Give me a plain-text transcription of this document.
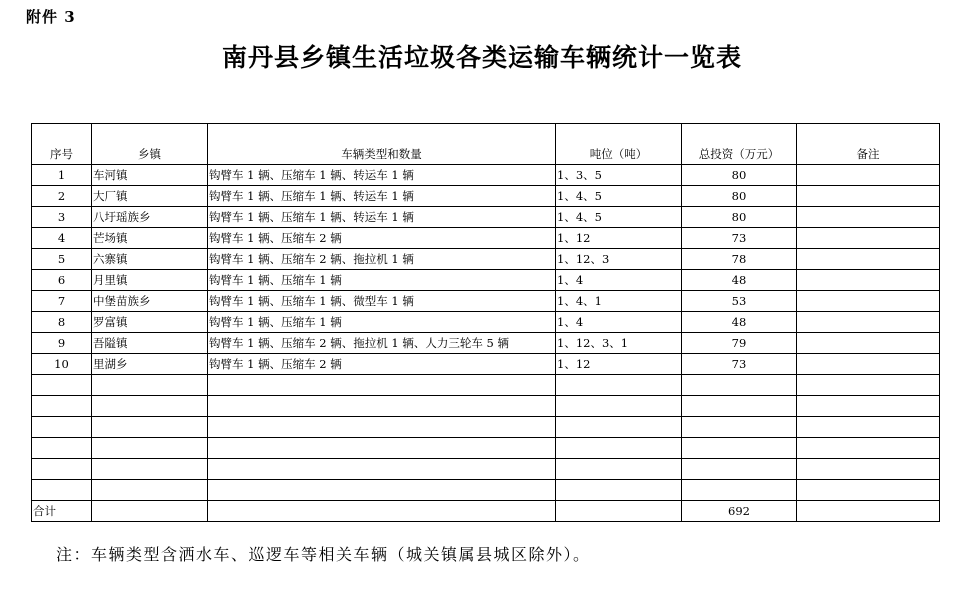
附件 3
南丹县乡镇生活垃圾各类运输车辆统计一览表
序号	乡镇	车辆类型和数量	吨位（吨）	总投资（万元）	备注
1	车河镇	钩臂车 1 辆、压缩车 1 辆、转运车 1 辆	1、3、5	80	
2	大厂镇	钩臂车 1 辆、压缩车 1 辆、转运车 1 辆	1、4、5	80	
3	八圩瑶族乡	钩臂车 1 辆、压缩车 1 辆、转运车 1 辆	1、4、5	80	
4	芒场镇	钩臂车 1 辆、压缩车 2 辆	1、12	73	
5	六寨镇	钩臂车 1 辆、压缩车 2 辆、拖拉机 1 辆	1、12、3	78	
6	月里镇	钩臂车 1 辆、压缩车 1 辆	1、4	48	
7	中堡苗族乡	钩臂车 1 辆、压缩车 1 辆、微型车 1 辆	1、4、1	53	
8	罗富镇	钩臂车 1 辆、压缩车 1 辆	1、4	48	
9	吾隘镇	钩臂车 1 辆、压缩车 2 辆、拖拉机 1 辆、人力三轮车 5 辆	1、12、3、1	79	
10	里湖乡	钩臂车 1 辆、压缩车 2 辆	1、12	73	

合计				692	
注：车辆类型含洒水车、巡逻车等相关车辆（城关镇属县城区除外）。
